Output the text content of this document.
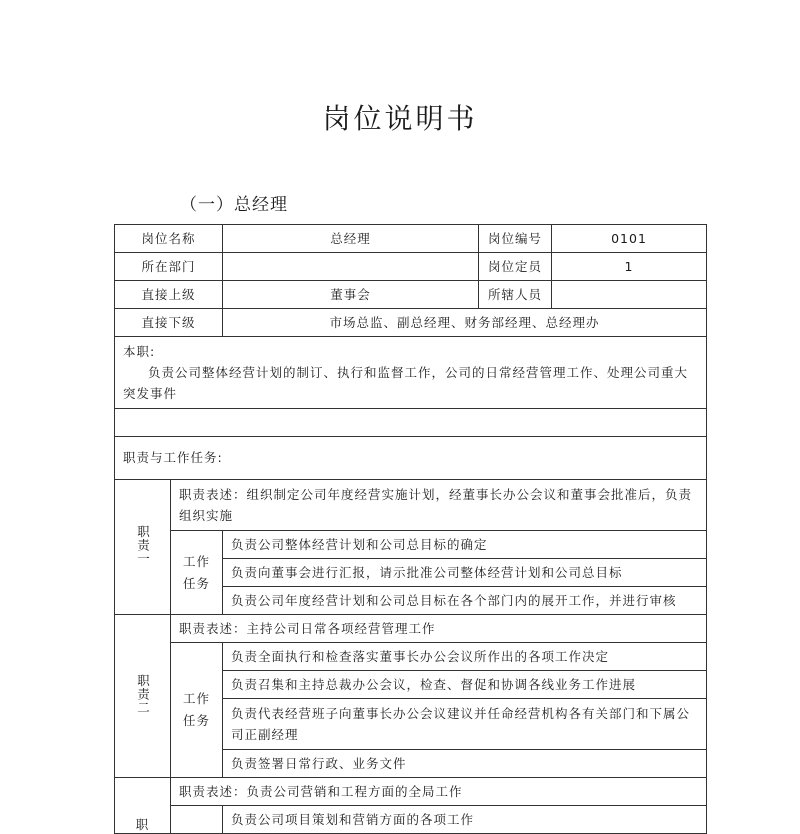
岗位说明书
（一）总经理
岗位名称		总经理	岗位编号	0101
所在部门			岗位定员	1
直接上级		董事会	所辖人员	
直接下级		市场总监、副总经理、财务部经理、总经理办		

本职:
负责公司整体经营计划的制订、执行和监督工作，公司的日常经营管理工作、处理公司重大突发事件				

职责与工作任务:				
职责一	职责表述：组织制定公司年度经营实施计划，经董事长办公会议和董事会批准后，负责组织实施			
	工作任务	负责公司整体经营计划和公司总目标的确定		
		负责向董事会进行汇报，请示批准公司整体经营计划和公司总目标		
		负责公司年度经营计划和公司总目标在各个部门内的展开工作，并进行审核		
职责二	职责表述：主持公司日常各项经营管理工作			
	工作任务	负责全面执行和检查落实董事长办公会议所作出的各项工作决定		
		负责召集和主持总裁办公会议，检查、督促和协调各线业务工作进展		
		负责代表经营班子向董事长办公会议建议并任命经营机构各有关部门和下属公司正副经理		
		负责签署日常行政、业务文件		

职	职责表述：负责公司营销和工程方面的全局工作			
		负责公司项目策划和营销方面的各项工作		
